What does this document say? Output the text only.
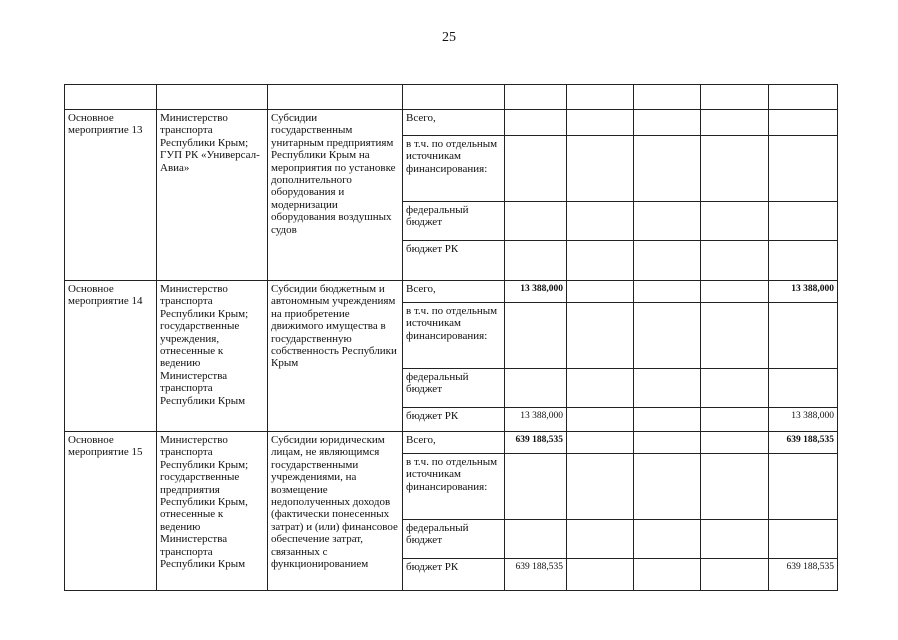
25

Основное мероприятие 13	Министерство транспорта Республики Крым; ГУП РК «Универсал-Авиа»	Субсидии государственным унитарным предприятиям Республики Крым на мероприятия по установке дополнительного оборудования и модернизации оборудования воздушных судов	Всего,					
			в т.ч. по отдельным источникам финансирования:					
			федеральный бюджет					
			бюджет РК					
Основное мероприятие 14	Министерство транспорта Республики Крым; государственные учреждения, отнесенные к ведению Министерства транспорта Республики Крым	Субсидии бюджетным и автономным учреждениям на приобретение движимого имущества в государственную собственность Республики Крым	Всего,	13 388,000				13 388,000
			в т.ч. по отдельным источникам финансирования:					
			федеральный бюджет					
			бюджет РК	13 388,000				13 388,000
Основное мероприятие 15	Министерство транспорта Республики Крым; государственные предприятия Республики Крым, отнесенные к ведению Министерства транспорта Республики Крым	Субсидии юридическим лицам, не являющимся государственными учреждениями, на возмещение недополученных доходов (фактически понесенных затрат) и (или) финансовое обеспечение затрат, связанных с функционированием	Всего,	639 188,535				639 188,535
			в т.ч. по отдельным источникам финансирования:					
			федеральный бюджет					
			бюджет РК	639 188,535				639 188,535
